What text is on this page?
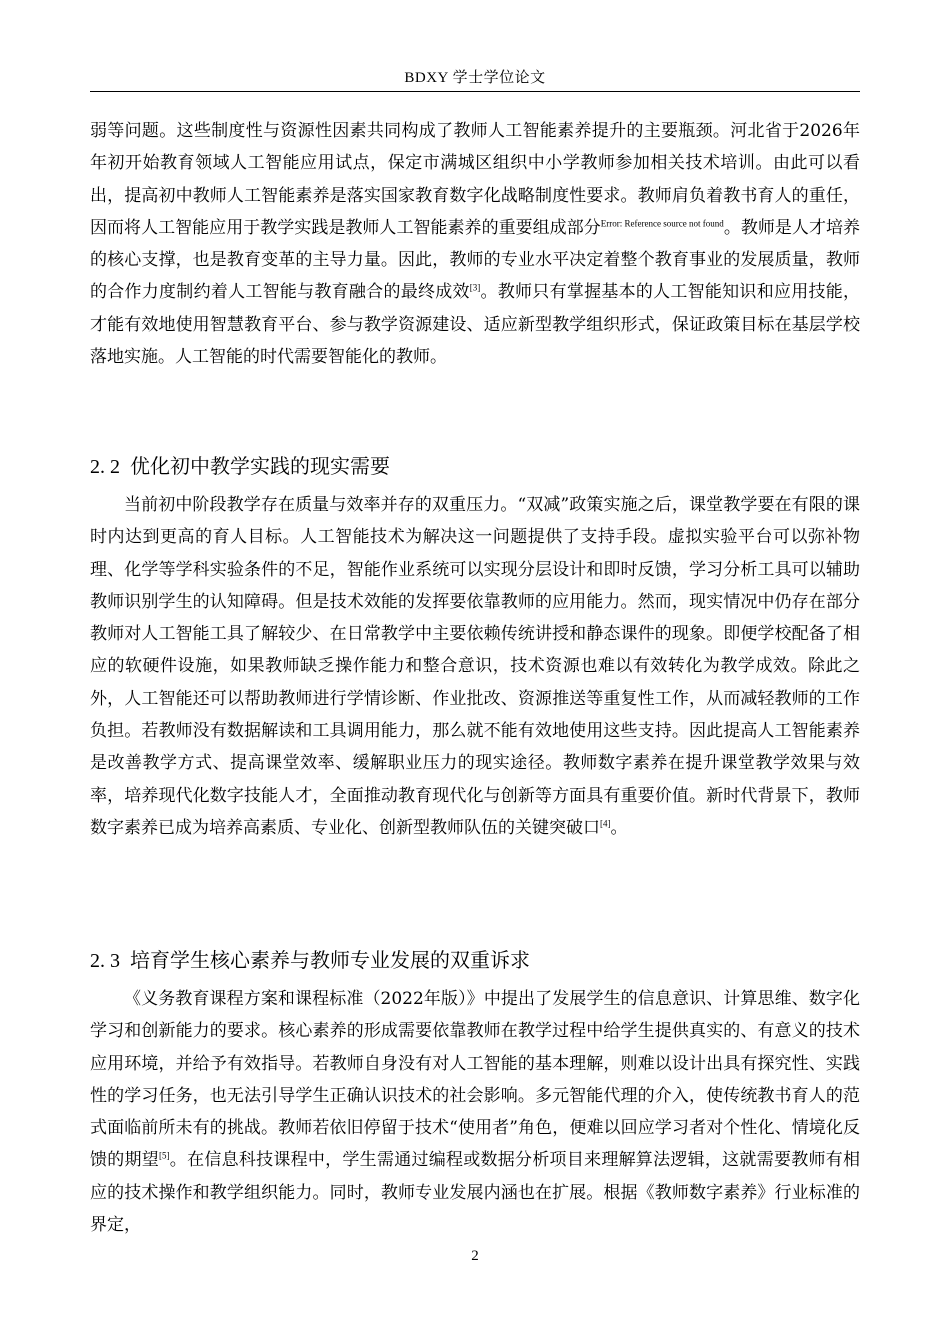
BDXY 学士学位论文

弱等问题。这些制度性与资源性因素共同构成了教师人工智能素养提升的主要瓶颈。河北省于2026年年初开始教育领域人工智能应用试点，保定市满城区组织中小学教师参加相关技术培训。由此可以看出，提高初中教师人工智能素养是落实国家教育数字化战略制度性要求。教师肩负着教书育人的重任，因而将人工智能应用于教学实践是教师人工智能素养的重要组成部分$^{Error: Reference source not found}$。教师是人才培养的核心支撑，也是教育变革的主导力量。因此，教师的专业水平决定着整个教育事业的发展质量，教师的合作力度制约着人工智能与教育融合的最终成效[3]。教师只有掌握基本的人工智能知识和应用技能，才能有效地使用智慧教育平台、参与教学资源建设、适应新型教学组织形式，保证政策目标在基层学校落地实施。人工智能的时代需要智能化的教师。

2. 2 优化初中教学实践的现实需要

当前初中阶段教学存在质量与效率并存的双重压力。“双减”政策实施之后，课堂教学要在有限的课时内达到更高的育人目标。人工智能技术为解决这一问题提供了支持手段。虚拟实验平台可以弥补物理、化学等学科实验条件的不足，智能作业系统可以实现分层设计和即时反馈，学习分析工具可以辅助教师识别学生的认知障碍。但是技术效能的发挥要依靠教师的应用能力。然而，现实情况中仍存在部分教师对人工智能工具了解较少、在日常教学中主要依赖传统讲授和静态课件的现象。即便学校配备了相应的软硬件设施，如果教师缺乏操作能力和整合意识，技术资源也难以有效转化为教学成效。除此之外，人工智能还可以帮助教师进行学情诊断、作业批改、资源推送等重复性工作，从而减轻教师的工作负担。若教师没有数据解读和工具调用能力，那么就不能有效地使用这些支持。因此提高人工智能素养是改善教学方式、提高课堂效率、缓解职业压力的现实途径。教师数字素养在提升课堂教学效果与效率，培养现代化数字技能人才，全面推动教育现代化与创新等方面具有重要价值。新时代背景下，教师数字素养已成为培养高素质、专业化、创新型教师队伍的关键突破口[4]。

2. 3 培育学生核心素养与教师专业发展的双重诉求

《义务教育课程方案和课程标准（2022年版）》中提出了发展学生的信息意识、计算思维、数字化学习和创新能力的要求。核心素养的形成需要依靠教师在教学过程中给学生提供真实的、有意义的技术应用环境，并给予有效指导。若教师自身没有对人工智能的基本理解，则难以设计出具有探究性、实践性的学习任务，也无法引导学生正确认识技术的社会影响。多元智能代理的介入，使传统教书育人的范式面临前所未有的挑战。教师若依旧停留于技术“使用者”角色，便难以回应学习者对个性化、情境化反馈的期望[5]。在信息科技课程中，学生需通过编程或数据分析项目来理解算法逻辑，这就需要教师有相应的技术操作和教学组织能力。同时，教师专业发展内涵也在扩展。根据《教师数字素养》行业标准的界定，

2
